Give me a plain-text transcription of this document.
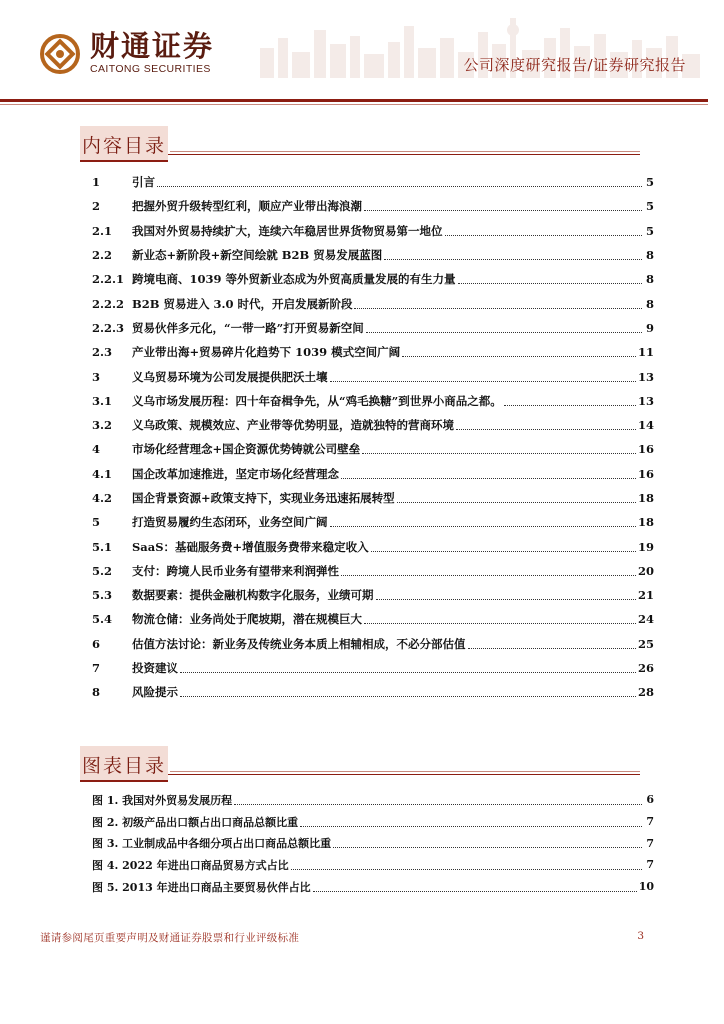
财通证券
CAITONG SECURITIES	公司深度研究报告/证券研究报告
内容目录
1	引言	5
2	把握外贸升级转型红利，顺应产业带出海浪潮	5
2.1	我国对外贸易持续扩大，连续六年稳居世界货物贸易第一地位	5
2.2	新业态+新阶段+新空间绘就 B2B 贸易发展蓝图	8
2.2.1 跨境电商、1039 等外贸新业态成为外贸高质量发展的有生力量	8
2.2.2 B2B 贸易进入 3.0 时代，开启发展新阶段	8
2.2.3 贸易伙伴多元化，“一带一路”打开贸易新空间	9
2.3	产业带出海+贸易碎片化趋势下 1039 模式空间广阔	11
3	义乌贸易环境为公司发展提供肥沃土壤	13
3.1	义乌市场发展历程：四十年奋楫争先，从“鸡毛换糖”到世界小商品之都。	13
3.2	义乌政策、规模效应、产业带等优势明显，造就独特的营商环境	14
4	市场化经营理念+国企资源优势铸就公司壁垒	16
4.1	国企改革加速推进，坚定市场化经营理念	16
4.2	国企背景资源+政策支持下，实现业务迅速拓展转型	18
5	打造贸易履约生态闭环，业务空间广阔	18
5.1	SaaS：基础服务费+增值服务费带来稳定收入	19
5.2	支付：跨境人民币业务有望带来利润弹性	20
5.3	数据要素：提供金融机构数字化服务，业绩可期	21
5.4	物流仓储：业务尚处于爬坡期，潜在规模巨大	24
6	估值方法讨论：新业务及传统业务本质上相辅相成，不必分部估值	25
7	投资建议	26
8	风险提示	28
图表目录
图 1. 我国对外贸易发展历程	6
图 2. 初级产品出口额占出口商品总额比重	7
图 3. 工业制成品中各细分项占出口商品总额比重	7
图 4. 2022 年进出口商品贸易方式占比	7
图 5. 2013 年进出口商品主要贸易伙伴占比	10
谨请参阅尾页重要声明及财通证券股票和行业评级标准	3
